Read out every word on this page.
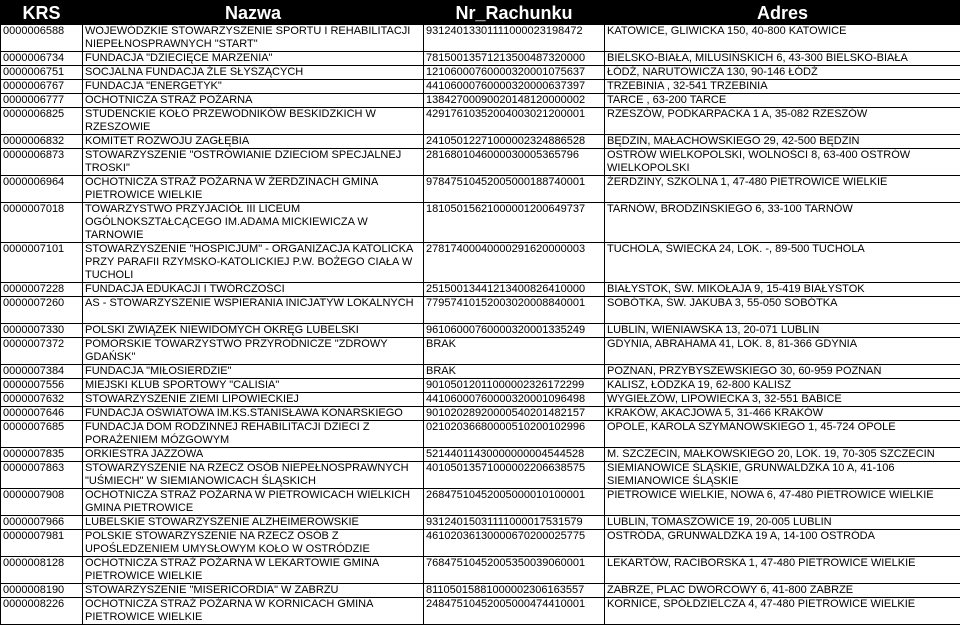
KRS	Nazwa	Nr_Rachunku	Adres
0000006588	WOJEWÓDZKIE STOWARZYSZENIE SPORTU I REHABILITACJI NIEPEŁNOSPRAWNYCH "START"	93124013301111000023198472	KATOWICE, GLIWICKA 150, 40-800 KATOWICE
0000006734	FUNDACJA "DZIECIĘCE MARZENIA"	78150013571213500487320000	BIELSKO-BIAŁA, MILUSIŃSKICH 6, 43-300 BIELSKO-BIAŁA
0000006751	SOCJALNA FUNDACJA ŹLE SŁYSZĄCYCH	12106000760000320001075637	ŁÓDŹ, NARUTOWICZA 130, 90-146 ŁÓDŹ
0000006767	FUNDACJA "ENERGETYK"	44106000760000320000637397	TRZEBINIA , 32-541 TRZEBINIA
0000006777	OCHOTNICZA STRAŻ POŻARNA	13842700090020148120000002	TARCE , 63-200 TARCE
0000006825	STUDENCKIE KOŁO PRZEWODNIKÓW BESKIDZKICH W RZESZOWIE	42917610352004003021200001	RZESZÓW, PODKARPACKA 1 A, 35-082 RZESZÓW
0000006832	KOMITET ROZWOJU ZAGŁĘBIA	24105012271000002324886528	BĘDZIN, MAŁACHOWSKIEGO 29, 42-500 BĘDZIN
0000006873	STOWARZYSZENIE "OSTRÓWIANIE DZIECIOM SPECJALNEJ TROSKI"	2816801046000030005365796	OSTRÓW WIELKOPOLSKI, WOLNOŚCI 8, 63-400 OSTRÓW WIELKOPOLSKI
0000006964	OCHOTNICZA STRAŻ POŻARNA W ŻERDZINACH GMINA PIETROWICE WIELKIE	97847510452005000188740001	ŻERDZINY, SZKOLNA 1, 47-480 PIETROWICE WIELKIE
0000007018	TOWARZYSTWO PRZYJACIÓŁ III LICEUM OGÓLNOKSZTAŁCĄCEGO IM.ADAMA MICKIEWICZA W TARNOWIE	18105015621000001200649737	TARNÓW, BRODZIŃSKIEGO 6, 33-100 TARNÓW
0000007101	STOWARZYSZENIE "HOSPICJUM" - ORGANIZACJA KATOLICKA PRZY PARAFII RZYMSKO-KATOLICKIEJ P.W. BOŻEGO CIAŁA W TUCHOLI	27817400040000291620000003	TUCHOLA, ŚWIECKA 24, LOK. -, 89-500 TUCHOLA
0000007228	FUNDACJA EDUKACJI I TWÓRCZOŚCI	25150013441213400826410000	BIAŁYSTOK, ŚW. MIKOŁAJA 9, 15-419 BIAŁYSTOK
0000007260	AS - STOWARZYSZENIE WSPIERANIA INICJATYW LOKALNYCH	77957410152003020008840001	SOBÓTKA, ŚW. JAKUBA 3, 55-050 SOBÓTKA
0000007330	POLSKI ZWIĄZEK NIEWIDOMYCH OKRĘG LUBELSKI	96106000760000320001335249	LUBLIN, WIENIAWSKA 13, 20-071 LUBLIN
0000007372	POMORSKIE TOWARZYSTWO PRZYRODNICZE "ZDROWY GDAŃSK"	BRAK	GDYNIA, ABRAHAMA 41, LOK. 8, 81-366 GDYNIA
0000007384	FUNDACJA "MIŁOSIERDZIE"	BRAK	POZNAŃ, PRZYBYSZEWSKIEGO 30, 60-959 POZNAŃ
0000007556	MIEJSKI KLUB SPORTOWY "CALISIA"	90105012011000002326172299	KALISZ, ŁÓDZKA 19, 62-800 KALISZ
0000007632	STOWARZYSZENIE ZIEMI LIPOWIECKIEJ	44106000760000320001096498	WYGIEŁZÓW, LIPOWIECKA 3, 32-551 BABICE
0000007646	FUNDACJA OŚWIATOWA IM.KS.STANISŁAWA KONARSKIEGO	90102028920000540201482157	KRAKÓW, AKACJOWA 5, 31-466 KRAKÓW
0000007685	FUNDACJA DOM RODZINNEJ REHABILITACJI DZIECI Z PORAŻENIEM MÓZGOWYM	02102036680000510200102996	OPOLE, KAROLA SZYMANOWSKIEGO 1, 45-724 OPOLE
0000007835	ORKIESTRA JAZZOWA	52144011430000000004544528	M. SZCZECIN, MAŁKOWSKIEGO 20, LOK. 19, 70-305 SZCZECIN
0000007863	STOWARZYSZENIE NA RZECZ OSÓB NIEPEŁNOSPRAWNYCH "UŚMIECH" W SIEMIANOWICACH ŚLĄSKICH	40105013571000002206638575	SIEMIANOWICE ŚLĄSKIE, GRUNWALDZKA 10 A, 41-106 SIEMIANOWICE ŚLĄSKIE
0000007908	OCHOTNICZA STRAŻ POŻARNA W PIETROWICACH WIELKICH GMINA PIETROWICE	26847510452005000010100001	PIETROWICE WIELKIE, NOWA 6, 47-480 PIETROWICE WIELKIE
0000007966	LUBELSKIE STOWARZYSZENIE ALZHEIMEROWSKIE	93124015031111000017531579	LUBLIN, TOMASZOWICE 19, 20-005 LUBLIN
0000007981	POLSKIE STOWARZYSZENIE NA RZECZ OSÓB Z UPOŚLEDZENIEM UMYSŁOWYM KOŁO W OSTRÓDZIE	46102036130000670200025775	OSTRÓDA, GRUNWALDZKA 19 A, 14-100 OSTRÓDA
0000008128	OCHOTNICZA STRAŻ POŻARNA W LEKARTOWIE GMINA PIETROWICE WIELKIE	76847510452005350039060001	LEKARTÓW, RACIBORSKA 1, 47-480 PIETROWICE WIELKIE
0000008190	STOWARZYSZENIE "MISERICORDIA" W ZABRZU	81105015881000002306163557	ZABRZE, PLAC DWORCOWY 6, 41-800 ZABRZE
0000008226	OCHOTNICZA STRAŻ POŻARNA W KORNICACH GMINA PIETROWICE WIELKIE	24847510452005000474410001	KORNICE, SPÓŁDZIELCZA 4, 47-480 PIETROWICE WIELKIE
